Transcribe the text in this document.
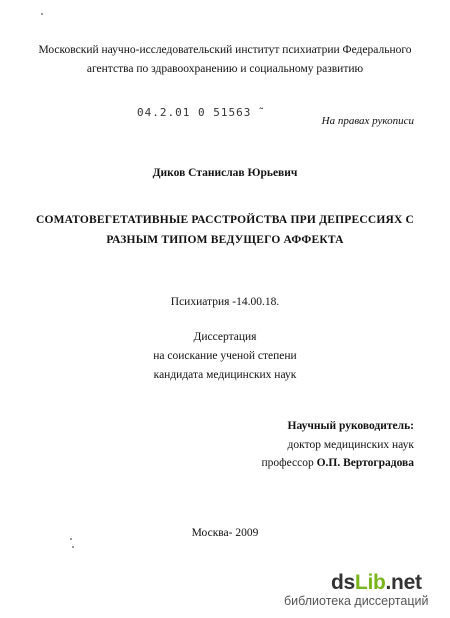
Московский научно-исследовательский институт психиатрии Федерального
агентства по здравоохранению и социальному развитию
04.2.01 0 51563 ̃
На правах рукописи
Диков Станислав Юрьевич
СОМАТОВЕГЕТАТИВНЫЕ РАССТРОЙСТВА ПРИ ДЕПРЕССИЯХ С
РАЗНЫМ ТИПОМ ВЕДУЩЕГО АФФЕКТА
Психиатрия -14.00.18.
Диссертация
на соискание ученой степени
кандидата медицинских наук
Научный руководитель:
доктор медицинских наук
профессор О.П. Вертоградова
Москва- 2009
dsLib.net
библиотека диссертаций
